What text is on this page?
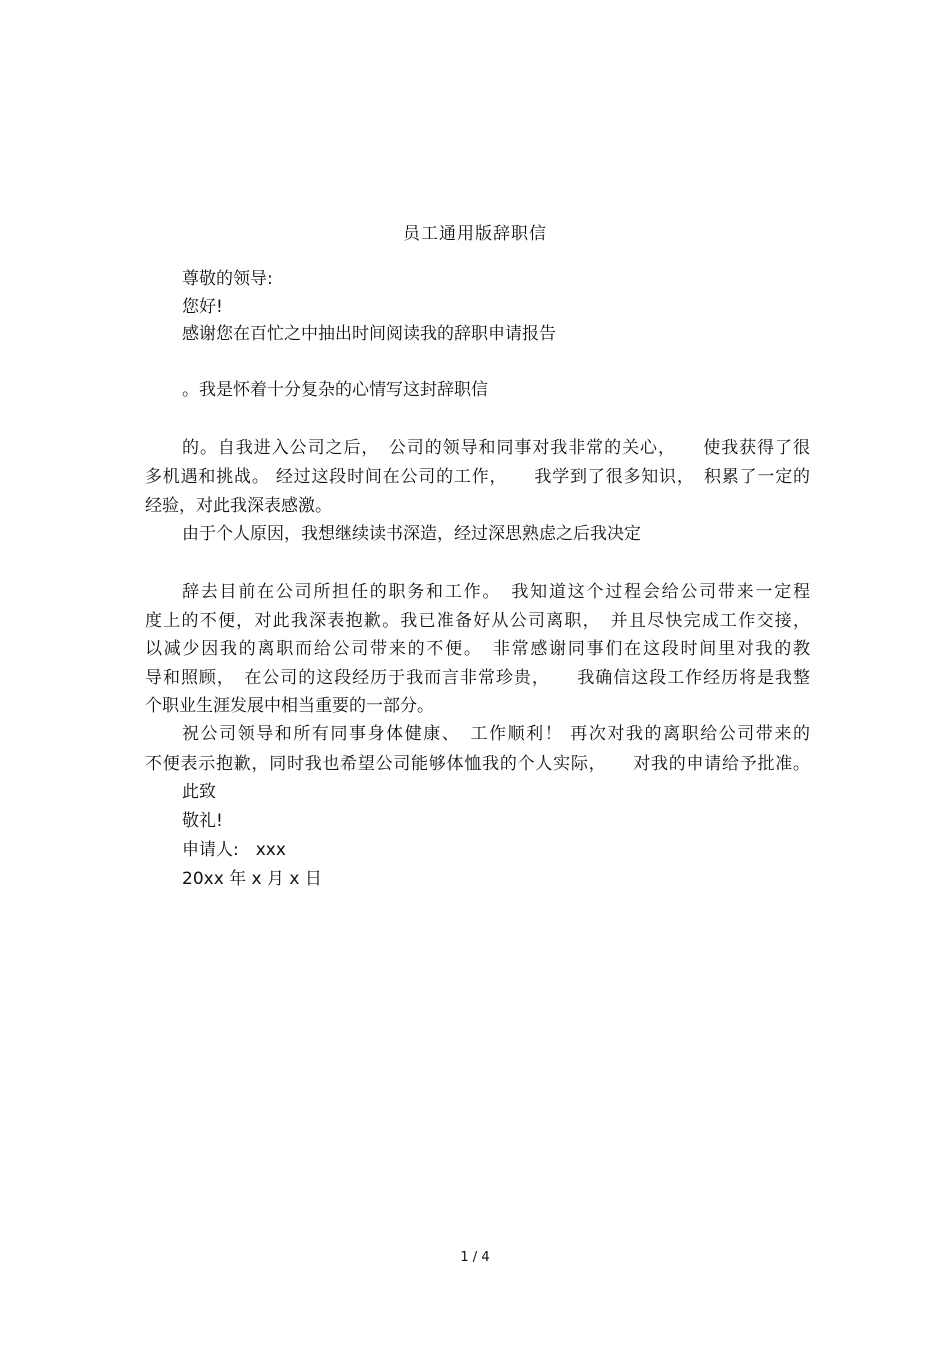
员工通用版辞职信
尊敬的领导:
您好!
感谢您在百忙之中抽出时间阅读我的辞职申请报告
。我是怀着十分复杂的心情写这封辞职信
的。自我进入公司之后，　公司的领导和同事对我非常的关心，　　使我获得了很
多机遇和挑战。 经过这段时间在公司的工作，　　我学到了很多知识，　积累了一定的
经验，对此我深表感激。
由于个人原因，我想继续读书深造，经过深思熟虑之后我决定
辞去目前在公司所担任的职务和工作。　我知道这个过程会给公司带来一定程
度上的不便，对此我深表抱歉。我已准备好从公司离职，　并且尽快完成工作交接，
以减少因我的离职而给公司带来的不便。　非常感谢同事们在这段时间里对我的教
导和照顾，　在公司的这段经历于我而言非常珍贵，　　我确信这段工作经历将是我整
个职业生涯发展中相当重要的一部分。
祝公司领导和所有同事身体健康、　工作顺利！ 再次对我的离职给公司带来的
不便表示抱歉，同时我也希望公司能够体恤我的个人实际，　　对我的申请给予批准。
此致
敬礼!
申请人:　xxx
20xx 年 x 月 x 日
1 / 4
